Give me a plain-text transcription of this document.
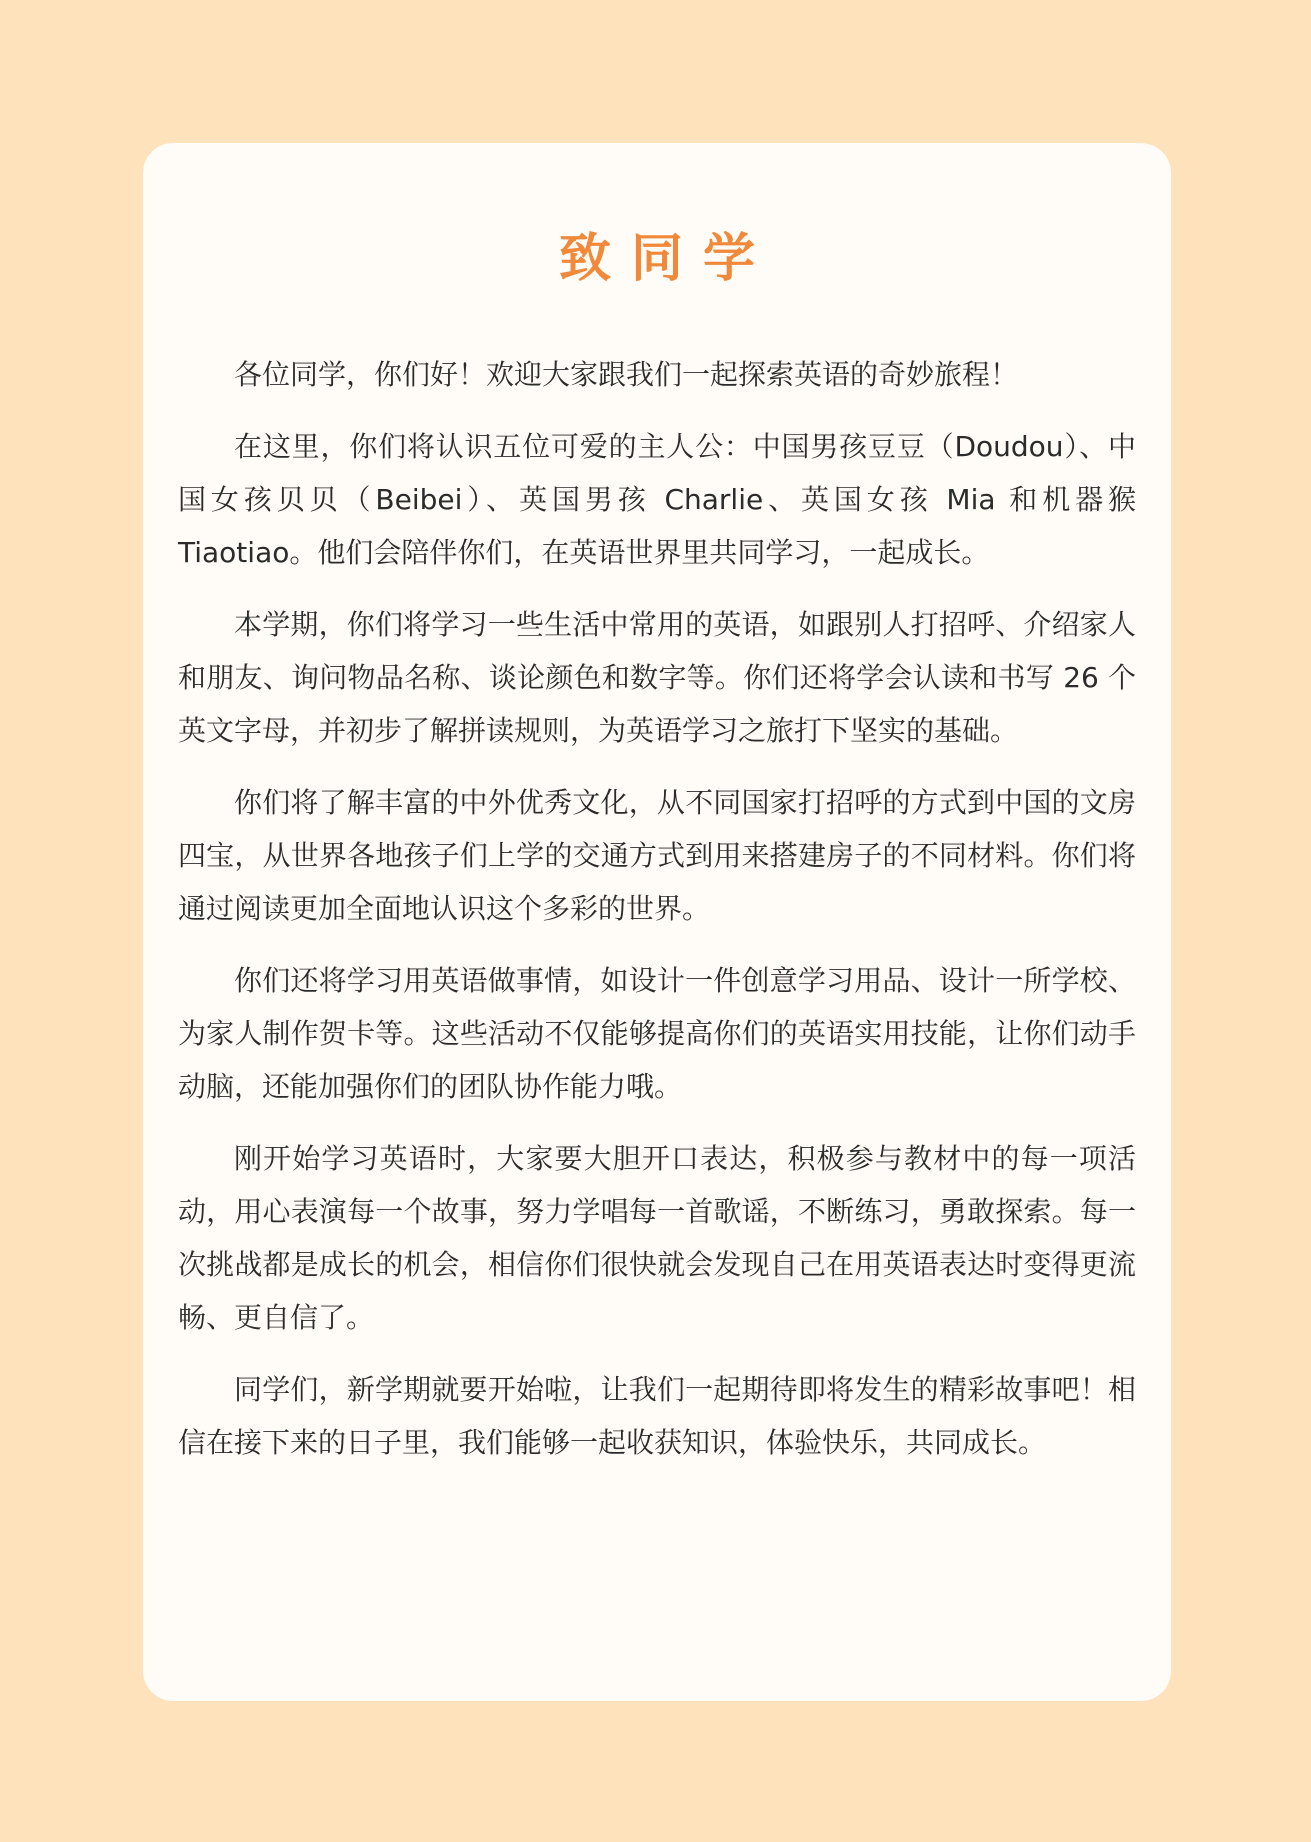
致同学

各位同学，你们好！欢迎大家跟我们一起探索英语的奇妙旅程！

在这里，你们将认识五位可爱的主人公：中国男孩豆豆（Doudou）、中国女孩贝贝（Beibei）、英国男孩 Charlie、英国女孩 Mia 和机器猴 Tiaotiao。他们会陪伴你们，在英语世界里共同学习，一起成长。

本学期，你们将学习一些生活中常用的英语，如跟别人打招呼、介绍家人和朋友、询问物品名称、谈论颜色和数字等。你们还将学会认读和书写 26 个英文字母，并初步了解拼读规则，为英语学习之旅打下坚实的基础。

你们将了解丰富的中外优秀文化，从不同国家打招呼的方式到中国的文房四宝，从世界各地孩子们上学的交通方式到用来搭建房子的不同材料。你们将通过阅读更加全面地认识这个多彩的世界。

你们还将学习用英语做事情，如设计一件创意学习用品、设计一所学校、为家人制作贺卡等。这些活动不仅能够提高你们的英语实用技能，让你们动手动脑，还能加强你们的团队协作能力哦。

刚开始学习英语时，大家要大胆开口表达，积极参与教材中的每一项活动，用心表演每一个故事，努力学唱每一首歌谣，不断练习，勇敢探索。每一次挑战都是成长的机会，相信你们很快就会发现自己在用英语表达时变得更流畅、更自信了。

同学们，新学期就要开始啦，让我们一起期待即将发生的精彩故事吧！相信在接下来的日子里，我们能够一起收获知识，体验快乐，共同成长。
